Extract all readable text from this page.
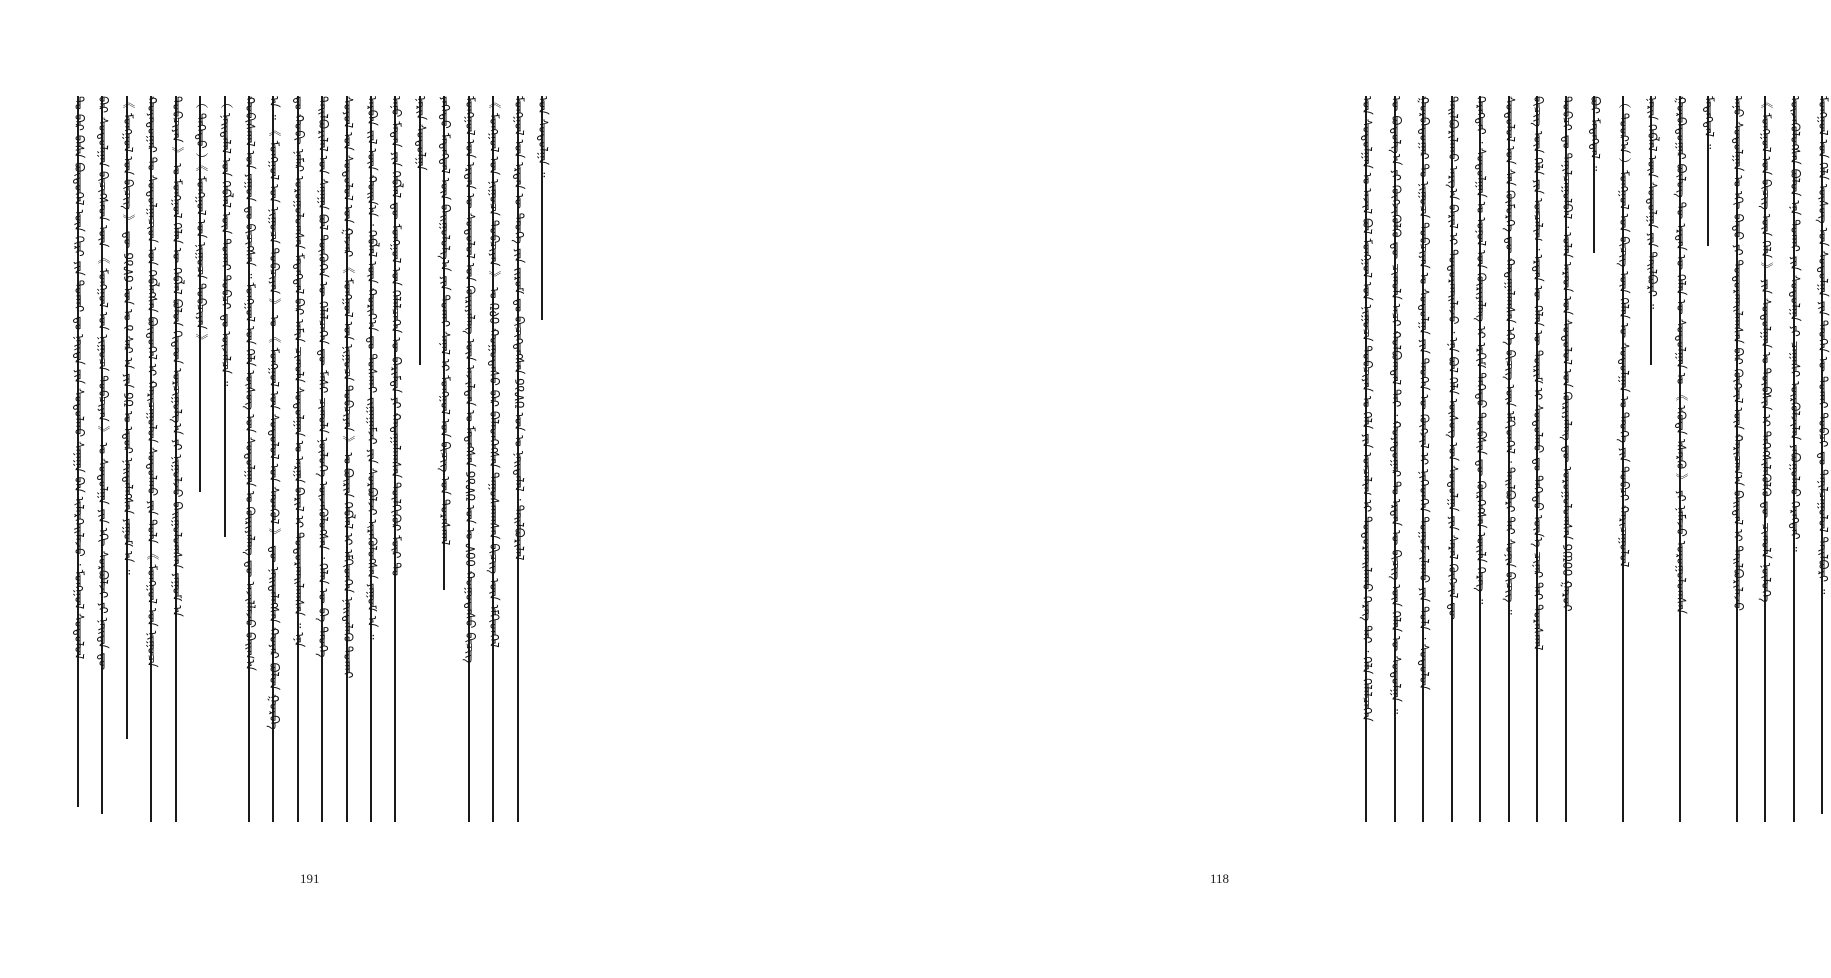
ᠲᠤ ᠪᠡᠷ ᠪᠠᠰᠠ ᠪᠦᠲᠦᠭᠡᠯ ᠦᠨ ᠬᠢᠷᠢ ᠶᠢᠨ ᠲᠤᠬᠠᠢ ᠳᠤ ᠨᠡᠢᠲᠡ ᠶᠢᠨ ᠰᠤᠳᠤᠯᠬᠤ ᠰᠠᠨᠠᠭᠠ ᠪᠡᠨ ᠢᠯᠡᠷᠬᠡᠢᠯᠡᠵᠦ ᠂ ᠮᠣᠩᠭᠣᠯ ᠰᠤᠳᠤᠯᠤᠯ ᠪᠠᠷ ᠰᠤᠳᠤᠯᠭᠠᠨ ᠪᠢᠴᠢᠭᠰᠡᠳ ᠦᠨ 《 ᠮᠣᠩᠭᠣᠯ ᠤᠨ ᠨᠢᠭᠤᠴᠠ ᠲᠣᠪᠴᠢᠶᠠᠨ 》 ᠤ ᠰᠤᠳᠤᠯᠭᠠ ᠶᠢᠨ ᠡᠬᠢ ᠰᠤᠷᠪᠤᠯᠵᠢ ᠶᠢ ᠨᠡᠢᠲᠡ ᠳᠦ 《 ᠮᠣᠩᠭᠣᠯ ᠤᠨ ᠪᠢᠴᠢᠭ 》 ᠳᠦ ᠑᠙᠕᠑ ᠣᠨ ᠤ ᠙ ᠰᠠᠷ ᠠ ᠶᠢᠨ ᠑᠒ ᠤ ᠡᠳᠦᠷ ᠨᠡᠢᠲᠡᠯᠡᠭᠰᠡᠨ ᠶᠠᠭᠤᠮ ᠠ ᠃ ᠬᠣᠶᠠᠳᠤᠭᠠᠷ ᠲᠤ ᠰᠤᠳᠤᠯᠭᠠᠴᠢᠳ ᠤᠨ ᠬᠡᠪᠯᠡᠭᠰᠡᠨ ᠪᠦᠲᠦᠭᠡᠯ ᠢ ᠬᠠᠷᠢᠴᠠᠭᠤᠯᠤᠨ ᠰᠤᠳᠤᠯᠬᠤ ᠶᠢᠨ ᠲᠤᠯᠠ 《 ᠮᠣᠩᠭᠣᠯ ᠤᠨ ᠨᠢᠭᠤᠴᠠ ᠲᠣᠪᠴᠢᠶᠠᠨ 》 ᠤ ᠮᠣᠩᠭᠣᠯ ᠬᠡᠯᠡᠨ ᠦ ᠬᠡᠪᠯᠡᠯ ᠪᠣᠯᠤᠨ ᠬᠢᠲᠠᠳ ᠣᠷᠴᠢᠭᠤᠯᠭ᠎ᠠ ᠶᠢ ᠨᠢᠭᠤᠯᠵᠤ ᠪᠠᠢᠭᠤᠯᠤᠭᠰᠠᠨ ᠶᠠᠭᠤᠮ ᠠ （ ᠳᠡᠭᠡᠳᠦ ）《 ᠮᠣᠩᠭᠣᠯ ᠤᠨ ᠨᠢᠭᠤᠴᠠ ᠲᠣᠪᠴᠢᠶᠠᠨ 》 （ ᠨᠡᠢᠲᠡᠯᠡᠯ ᠤᠨ ᠬᠡᠪᠯᠡᠯ ᠦᠨ ᠲᠤᠬᠠᠢ ᠲᠣᠪᠴᠢ ᠳᠤ ᠦᠵᠡᠯᠴᠡ ᠃ ᠬᠤᠪᠢᠰᠬᠠᠯ ᠤᠨ ᠶᠠᠭᠤᠨ ᠳᠤ ᠪᠢᠴᠢᠭᠰᠡᠨ ᠃ ᠮᠣᠩᠭᠣᠯ ᠤᠨ ᠬᠡᠯᠡ ᠦᠰᠦᠭ ᠤᠨ ᠰᠤᠳᠤᠯᠭᠠᠨ ᠤ ᠬᠦᠷᠢᠶᠡᠯᠡᠩ ᠳᠦ ᠠᠵᠢᠯᠯᠠᠵᠤ ᠪᠠᠢᠭ᠎ᠠ ᠠ ᠃ 《 ᠮᠣᠩᠭᠣᠯ ᠤᠨ ᠨᠢᠭᠤᠴᠠ ᠲᠣᠪᠴᠢᠶᠠᠨ 》 ᠤ 《 ᠮᠣᠩᠭᠣᠯ ᠤᠨ ᠰᠤᠳᠤᠯᠤᠯ ᠤᠨ ᠰᠡᠳᠬᠦᠯ 》 ᠳᠦ ᠨᠡᠢᠲᠡᠯᠡᠭᠰᠡᠨ ᠬᠣᠶᠠᠷ ᠪᠣᠯᠤᠨ ᠭᠤᠷᠪᠠ ᠳᠤ ᠬᠤᠪᠢ ᠨᠡᠮᠡᠷ ᠣᠷᠤᠭᠤᠯᠤᠭᠰᠠᠨ ᠮᠡᠳᠡᠭᠳᠡᠯ ᠪᠠᠷ ᠠᠮᠢᠨ ᠴᠢᠬᠤᠯᠠ ᠰᠤᠳᠤᠯᠭᠠᠨ ᠤ ᠠᠷᠭᠠ ᠪᠠᠷᠢᠯ ᠢ ᠲᠣᠳᠤᠷᠬᠠᠢᠯᠠᠭᠰᠠᠨ ᠃ ᠡᠨᠡ ᠲᠠᠢᠯᠪᠤᠷᠢᠯᠠᠯ ᠤᠨ ᠰᠠᠨᠠᠭᠠ ᠪᠣᠯ ᠲᠦᠭᠦᠬᠡᠨ ᠦ ᠬᠡᠯᠡᠯᠴᠡᠭᠡᠨ ᠳᠦ ᠮᠠᠰᠢ ᠴᠢᠬᠤᠯᠠ ᠨᠥᠯᠦᠭᠡ ᠦᠵᠡᠭᠦᠯᠦᠭᠰᠡᠨ ᠂ ᠬᠡᠯᠡᠨ ᠦ ᠪᠠ ᠲᠡᠦᠬᠡ ᠰᠣᠶᠣᠯ ᠤᠨ ᠰᠤᠳᠤᠯᠤᠯ ᠤᠨ ᠭᠠᠵᠠᠷ 《 ᠮᠣᠩᠭᠣᠯ ᠤᠨ ᠨᠢᠭᠤᠴᠠ ᠲᠣᠪᠴᠢᠶᠠᠨ 》 ᠤ ᠪᠦᠷᠢᠨ ᠬᠡᠪᠯᠡᠯ ᠢ ᠡᠮᠬᠢᠳᠬᠡᠨ ᠨᠡᠢᠲᠡᠯᠡᠬᠦ ᠲᠤᠬᠠᠢ ᠠᠷᠪᠠᠨ ᠵᠢᠯ ᠦᠨ ᠬᠣᠢᠨ᠎ᠠ ᠂ ᠬᠡᠪᠯᠡᠯ ᠦᠨ ᠬᠣᠷᠢᠶ᠎ᠠ ᠳᠤ ᠲᠤᠰᠬᠠᠢ ᠵᠢᠭᠠᠭᠠᠮᠵᠢ ᠶᠢᠨ ᠰᠤᠷᠪᠤᠯᠵᠢ ᠢᠷᠡᠭᠦᠯᠦᠭᠰᠡᠨ ᠶᠠᠭᠤᠮ ᠠ ᠃ ᠠᠨᠤ ᠮᠠᠳ᠋ᠠᠨ ᠶᠢᠨ ᠬᠡᠪᠯᠡᠯ ᠳᠦ ᠮᠣᠩᠭᠣᠯ ᠤᠨ ᠬᠡᠯᠡᠯᠴᠡᠭᠡᠨ ᠦ ᠪᠠᠷᠢᠮᠲᠠ ᠶᠢ ᠬᠠᠳᠠᠭᠠᠯᠠᠭᠰᠠᠨ ᠲᠦᠯᠬᠢᠭᠦᠷ ᠮᠥᠷ ᠲᠤ ᠨᠠᠷᠢᠨ ᠰᠤᠳᠤᠯᠭᠠ ᠶᠡᠬᠡᠳᠦ ᠮᠡᠳᠡᠭᠳᠡᠯ ᠦᠨ ᠪᠠᠢᠭᠤᠯᠤᠯᠭ᠎ᠠ ᠶᠢᠨ ᠲᠤᠬᠠᠢ ᠰᠠᠨᠠᠯ ᠢ ᠮᠣᠩᠭᠣᠯ ᠤᠨ ᠪᠢᠴᠢᠭ ᠤᠨ ᠳᠤᠷᠠᠰᠬᠠᠯ ᠮᠣᠩᠭᠣᠯ ᠤᠨ ᠡᠷᠲᠡᠨ ᠦ ᠰᠤᠳᠤᠯᠤᠯ ᠤᠨ ᠬᠦᠷᠢᠶᠡᠯᠡᠩ ᠦᠨ ᠠᠵᠢᠯᠲᠠᠨ ᠤ ᠮᠡᠳᠡᠭᠰᠡᠨ ᠑᠙᠕᠒ ᠣᠨ ᠤ ᠕᠐᠐ ᠬᠤᠭᠤᠳᠠᠰᠤ ᠪᠢᠴᠢᠭ 《 ᠮᠣᠩᠭᠣᠯ ᠤᠨ ᠨᠢᠭᠤᠴᠠ ᠲᠣᠪᠴᠢᠶᠠᠨ 》 ᠤ ᠒᠔᠐ ᠬᠤᠭᠤᠳᠠᠰᠤ ᠪᠠᠷ ᠪᠡᠯᠡᠳᠭᠡᠭᠰᠡᠨ ᠳᠠᠭᠤᠰᠬᠠᠭᠰᠠᠨ ᠪᠢᠴᠢᠭ ᠦᠨ ᠡᠮᠬᠢᠳᠬᠡᠯ ᠮᠣᠩᠭᠣᠯ ᠤᠨ ᠡᠷᠲᠡᠨ ᠦ ᠲᠡᠦᠬᠡ ᠶᠢᠨ ᠵᠢᠷᠤᠮ ᠳᠤ ᠪᠢᠴᠢᠭᠳᠡᠭᠰᠡᠨ ᠑᠙᠕᠒ ᠣᠨ ᠤ ᠨᠡᠢᠲᠡᠯᠡᠯ ᠂ ᠲᠠᠢᠯᠪᠤᠷᠢᠯᠠᠯ ᠤᠨ ᠰᠤᠳᠤᠯᠭᠠ ᠃
191
ᠤᠨ ᠰᠤᠳᠤᠯᠭᠠᠨ ᠤ ᠠᠵᠢᠯ ᠪᠣᠯ ᠮᠣᠩᠭᠣᠯ ᠤᠨ ᠨᠢᠭᠤᠴᠠ ᠲᠣᠪᠴᠢᠶᠠᠨ ᠤ ᠬᠡᠯᠡ ᠶᠢᠨ ᠣᠨᠴᠠᠯᠢᠭ ᠢ ᠲᠣᠳᠤᠷᠬᠠᠢᠯᠠᠬᠤ ᠬᠡᠷᠡᠭ ᠲᠡᠢ ᠂ ᠬᠡᠯᠡ ᠬᠡᠯᠡᠯᠴᠡᠭᠡᠨ ᠦ ᠪᠣᠳᠤᠯᠭ᠎ᠠ ᠶᠢ ᠬᠥᠭᠵᠢᠭᠦᠯᠬᠦ ᠳᠦ ᠴᠢᠬᠤᠯᠠ ᠠᠴᠢ ᠬᠣᠯᠪᠣᠭᠳᠠᠯ ᠲᠠᠢ ᠂ ᠬᠣᠶᠠᠳᠤᠭᠠᠷ ᠲᠤ ᠡᠷᠲᠡᠨ ᠦ ᠪᠢᠴᠢᠭ ᠦᠨ ᠬᠡᠯᠡᠨ ᠦ ᠰᠤᠳᠤᠯᠭᠠ ᠃ ᠭᠤᠷᠪᠠᠳᠤᠭᠠᠷ ᠲᠤ ᠨᠢᠭᠤᠴᠠ ᠲᠣᠪᠴᠢᠶᠠᠨ ᠤ ᠰᠤᠳᠤᠯᠭᠠ ᠶᠢᠨ ᠲᠡᠦᠬᠡᠨ ᠦ ᠬᠥᠭᠵᠢᠯ ᠢ ᠨᠢᠭᠡᠳᠬᠡᠨ ᠲᠣᠭᠤᠮᠵᠢᠯᠠᠬᠤ ᠶᠢᠨ ᠲᠤᠯᠠ ᠂ ᠰᠤᠳᠤᠯᠤᠨ ᠲᠠᠢᠯᠪᠤᠷᠢᠯᠠᠬᠤ ᠠᠷᠭ᠎ᠠ ᠪᠠᠷᠢᠯ ᠢ ᠲᠣᠳᠤᠷᠬᠠᠢᠯᠠᠵᠤ ᠂ ᠡᠨᠡ ᠪᠣᠯ ᠬᠡᠯᠡ ᠦᠰᠦᠭ ᠤᠨ ᠰᠤᠳᠤᠯᠭᠠ ᠶᠢᠨ ᠰᠠᠷᠠᠯ ᠬᠥᠭᠵᠢᠯ ᠳᠦ ᠬᠡᠷᠡᠭᠲᠡᠢ ᠂ ᠰᠤᠳᠤᠯᠭᠠᠨ ᠤ ᠣᠨᠣᠯ ᠤᠨ ᠬᠦᠷᠢᠶᠡᠯᠡᠩ ᠢ ᠡᠷᠬᠢᠮ ᠳᠡᠭᠡᠳᠦ ᠲᠦᠪᠰᠢᠨ ᠳᠦ ᠬᠦᠷᠭᠡᠭᠰᠡᠨ ᠦᠢᠯᠡ ᠬᠡᠷᠡᠭ ᠃ ᠰᠤᠳᠤᠯᠤᠯ ᠤᠨ ᠰᠠᠨ ᠬᠥᠮᠦᠷᠭᠡ ᠳᠦ ᠬᠠᠳᠠᠭᠠᠯᠠᠭᠰᠠᠨ ᠡᠬᠡ ᠪᠢᠴᠢᠭ ᠦᠨ ᠡᠮᠬᠢᠳᠬᠡᠯ ᠂ ᠲᠠᠢᠯᠪᠤᠷᠢ ᠲᠠᠢ ᠰᠣᠨᠢᠨ ᠪᠢᠴᠢᠭ ᠃ ᠪᠢᠴᠢᠭ ᠦᠨ ᠬᠡᠯᠡ ᠶᠢᠨ ᠣᠨᠴᠠᠯᠢᠭ ᠂ ᠡᠷᠲᠡᠨ ᠦ ᠬᠡᠯᠡᠨ ᠦ ᠳᠦᠷᠢᠮ ᠢ ᠰᠤᠳᠤᠯᠬᠤ ᠳᠤ ᠳᠡᠭᠡᠳᠦ ᠦᠨ᠎ᠡ ᠴᠢᠨᠠᠷ ᠲᠠᠢ ᠳᠤᠷᠠᠰᠬᠠᠯ ᠲᠣᠪᠴᠢ ᠳᠤ ᠲᠠᠨᠢᠯᠴᠠᠭᠤᠯᠪᠠᠯ ᠂ ᠣᠯᠠᠨ ᠠᠷᠠᠳ ᠤᠨ ᠰᠤᠳᠤᠯᠤᠯ ᠤᠨ ᠬᠦᠷᠢᠶᠡᠯᠡᠩ ᠳᠦ ᠣᠷᠤᠭᠤᠯᠤᠭᠰᠠᠨ ᠑᠓᠐᠐ ᠭᠠᠷᠤᠢ ᠪᠤᠢ ᠮᠡᠳᠡᠭᠳᠡᠯ ᠃ （ ᠳᠣᠣᠷ᠎ᠠ ）ᠮᠣᠩᠭᠣᠯ ᠤᠨ ᠪᠢᠴᠢᠭ ᠦᠨ ᠬᠡᠯᠡᠨ ᠦ ᠰᠤᠳᠤᠯᠭᠠᠨ ᠤ ᠲᠡᠦᠬᠡ ᠶᠢᠨ ᠲᠣᠪᠴᠢ ᠬᠠᠷᠢᠴᠠᠭᠤᠯᠤᠯ ᠨᠠᠷᠢᠨ ᠬᠡᠪᠯᠡᠯ ᠦᠨ ᠰᠤᠳᠤᠯᠭᠠ ᠶᠢᠨ ᠲᠠᠢᠯᠪᠤᠷᠢ ᠃ ᠭᠤᠷᠪᠠᠳᠤᠭᠠᠷ ᠪᠦᠯᠦᠭ ᠲᠦ ᠡᠷᠲᠡᠨ ᠦ ᠬᠡᠯᠡᠨ ᠦ ᠰᠤᠳᠤᠯᠭᠠᠨ ᠤ 《 ᠡᠭᠦᠳᠡ ᠡᠰᠡᠷᠭᠦ 》 ᠶᠢ ᠨᠡᠮᠡᠵᠦ ᠣᠷᠤᠭᠤᠯᠤᠭᠰᠠᠨ ᠮᠡᠳᠡᠭᠳᠡᠯ ᠃ ᠠᠨᠤ ᠰᠤᠳᠤᠯᠭᠠᠨ ᠤ ᠡᠬᠢ ᠪᠠᠲᠤ ᠶᠢ ᠲᠣᠳᠤᠷᠬᠠᠢᠯᠠᠭᠰᠠᠨ ᠪᠡᠷ ᠬᠥᠭᠵᠢᠯ ᠦᠨ ᠬᠠᠷᠢᠴᠠᠭ᠎ᠠ ᠪᠠᠢᠳᠠᠯ ᠢ ᠲᠠᠢᠯᠪᠤᠷᠢᠯᠠᠵᠤ 《 ᠮᠣᠩᠭᠣᠯ ᠤᠨ ᠪᠢᠴᠢᠭ ᠦᠨ ᠬᠡᠯᠡ 》 ᠶᠢᠨ ᠰᠤᠳᠤᠯᠭᠠᠨ ᠤ ᠲᠦᠪᠰᠢᠨ ᠢ ᠳᠡᠭᠡᠭᠰᠢᠯᠡᠭᠦᠯᠬᠦ ᠳᠦ ᠴᠢᠬᠤᠯᠠ ᠨᠥᠯᠦᠭᠡ ᠦᠵᠡᠭᠦᠯᠦᠭᠰᠡᠨ ᠪᠣᠯᠤᠨ ᠡᠨᠡ ᠲᠤᠬᠠᠢ ᠶᠢᠨ ᠰᠤᠳᠤᠯᠭᠠ ᠶᠢ ᠴᠠᠭᠠᠰᠢ ᠦᠷᠭᠦᠯᠵᠢᠯᠡᠨ ᠶᠠᠪᠤᠭᠤᠯᠬᠤ ᠬᠡᠷᠡᠭᠲᠡᠢ ᠃ ᠮᠣᠩᠭᠣᠯ ᠤᠨ ᠬᠡᠯᠡ ᠦᠰᠦᠭ ᠤᠨ ᠰᠤᠳᠤᠯᠭᠠ ᠶᠢᠨ ᠲᠡᠦᠬᠡᠨ ᠦ ᠲᠤᠬᠠᠢ ᠲᠣᠪᠴᠢ ᠳᠤ ᠲᠠᠨᠢᠯᠴᠠᠭᠤᠯᠤᠯ ᠲᠠᠢᠯᠪᠤᠷᠢ ᠃
118
